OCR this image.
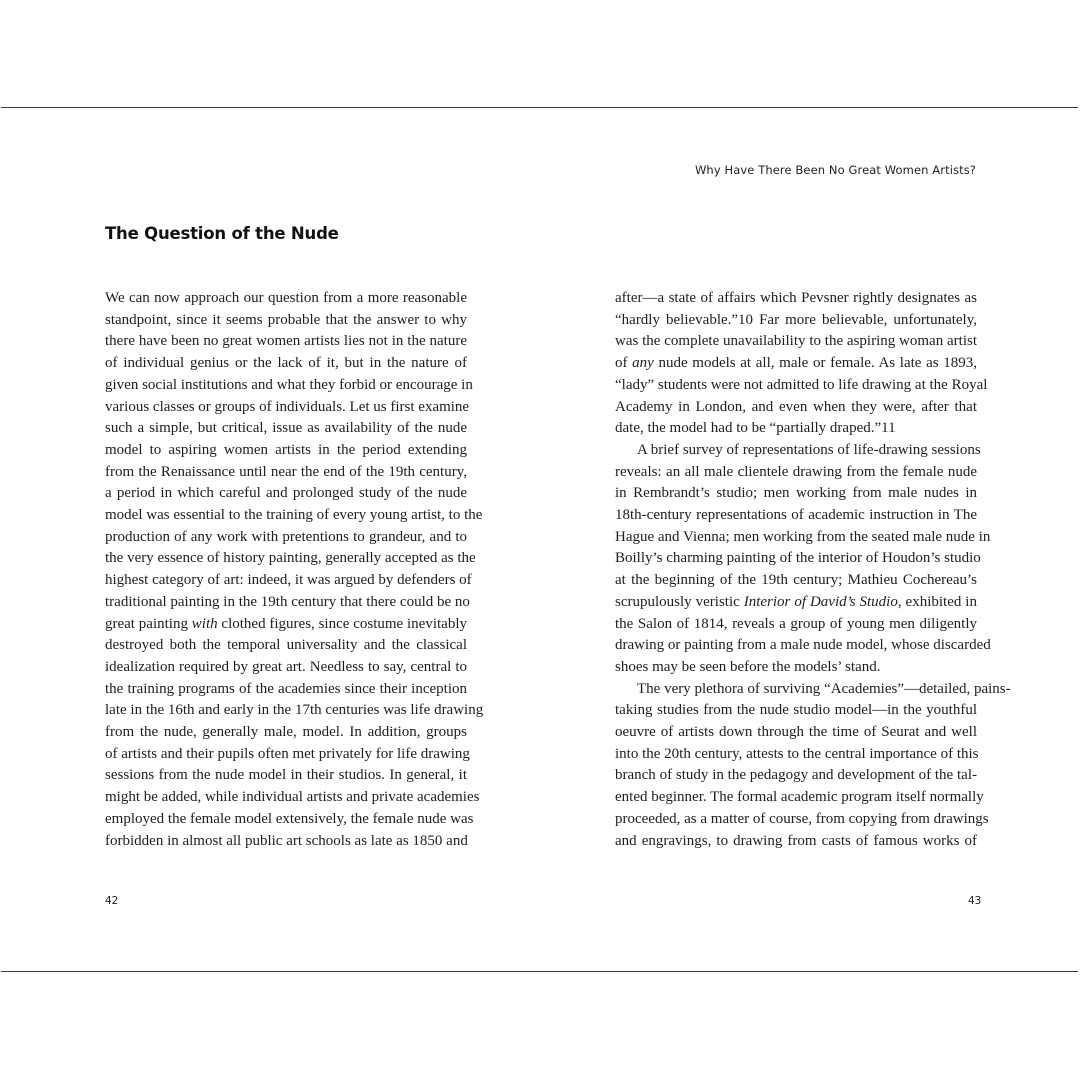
The Question of the Nude
We can now approach our question from a more reasonable
standpoint, since it seems probable that the answer to why
there have been no great women artists lies not in the nature
of individual genius or the lack of it, but in the nature of
given social institutions and what they forbid or encourage in
various classes or groups of individuals. Let us first examine
such a simple, but critical, issue as availability of the nude
model to aspiring women artists in the period extending
from the Renaissance until near the end of the 19th century,
a period in which careful and prolonged study of the nude
model was essential to the training of every young artist, to the
production of any work with pretentions to grandeur, and to
the very essence of history painting, generally accepted as the
highest category of art: indeed, it was argued by defenders of
traditional painting in the 19th century that there could be no
great painting with clothed figures, since costume inevitably
destroyed both the temporal universality and the classical
idealization required by great art. Needless to say, central to
the training programs of the academies since their inception
late in the 16th and early in the 17th centuries was life drawing
from the nude, generally male, model. In addition, groups
of artists and their pupils often met privately for life drawing
sessions from the nude model in their studios. In general, it
might be added, while individual artists and private academies
employed the female model extensively, the female nude was
forbidden in almost all public art schools as late as 1850 and
42
Why Have There Been No Great Women Artists?
after—a state of affairs which Pevsner rightly designates as
“hardly believable.”10 Far more believable, unfortunately,
was the complete unavailability to the aspiring woman artist
of any nude models at all, male or female. As late as 1893,
“lady” students were not admitted to life drawing at the Royal
Academy in London, and even when they were, after that
date, the model had to be “partially draped.”11
A brief survey of representations of life-drawing sessions
reveals: an all male clientele drawing from the female nude
in Rembrandt’s studio; men working from male nudes in
18th-century representations of academic instruction in The
Hague and Vienna; men working from the seated male nude in
Boilly’s charming painting of the interior of Houdon’s studio
at the beginning of the 19th century; Mathieu Cochereau’s
scrupulously veristic Interior of David’s Studio, exhibited in
the Salon of 1814, reveals a group of young men diligently
drawing or painting from a male nude model, whose discarded
shoes may be seen before the models’ stand.
The very plethora of surviving “Academies”—detailed, pains-
taking studies from the nude studio model—in the youthful
oeuvre of artists down through the time of Seurat and well
into the 20th century, attests to the central importance of this
branch of study in the pedagogy and development of the tal-
ented beginner. The formal academic program itself normally
proceeded, as a matter of course, from copying from drawings
and engravings, to drawing from casts of famous works of
43
